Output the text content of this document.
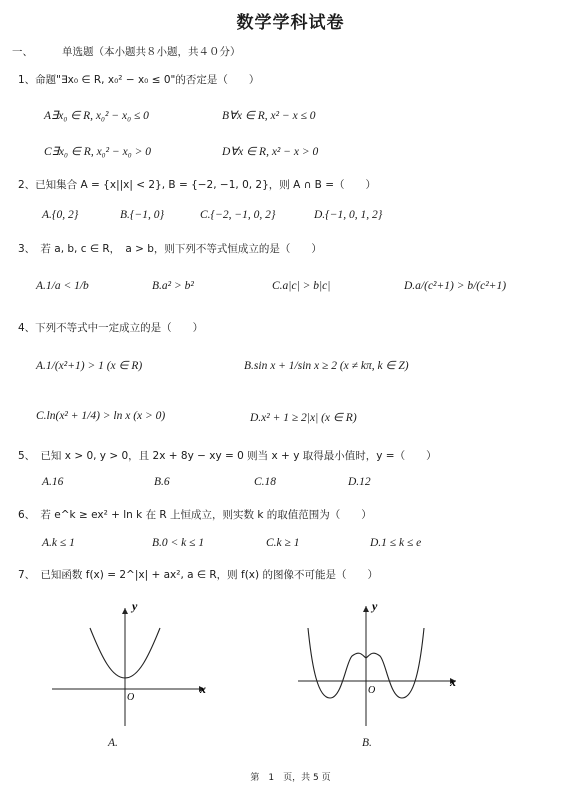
数学学科试卷
一、	单选题（本小题共８小题，共４０分）
1、命题"∃x₀ ∈ R, x₀² − x₀ ≤ 0"的否定是（　　）
A∃x₀ ∈ R, x₀² − x₀ ≤ 0	B∀x ∈ R, x² − x ≤ 0
C∃x₀ ∈ R, x₀² − x₀ > 0	D∀x ∈ R, x² − x > 0
2、已知集合 A = {x||x| < 2}, B = {−2, −1, 0, 2}，则 A ∩ B =（　　）
A.{0, 2}	B.{−1, 0}	C.{−2, −1, 0, 2}	D.{−1, 0, 1, 2}
3、　若 a, b, c ∈ R，　a > b，则下列不等式恒成立的是（　　）
A.1/a < 1/b	B.a² > b²	C.a|c| > b|c|	D.a/(c²+1) > b/(c²+1)
4、下列不等式中一定成立的是（　　）
A.1/(x²+1) > 1 (x ∈ R)	B.sin x + 1/sin x ≥ 2 (x ≠ kπ, k ∈ Z)
C.ln(x² + 1/4) > ln x (x > 0)	D.x² + 1 ≥ 2|x| (x ∈ R)
5、　已知 x > 0, y > 0，且 2x + 8y − xy = 0 则当 x + y 取得最小值时，y =（　　）
A.16	B.6	C.18	D.12
6、　若 e^k ≥ ex² + ln k 在 R 上恒成立，则实数 k 的取值范围为（　　）
A.k ≤ 1	B.0 < k ≤ 1	C.k ≥ 1	D.1 ≤ k ≤ e
7、　已知函数 f(x) = 2^|x| + ax², a ∈ R，则 f(x) 的图像不可能是（　　）
y
x
O
A.
y
x
O
B.
第　1　页，共 5 页
